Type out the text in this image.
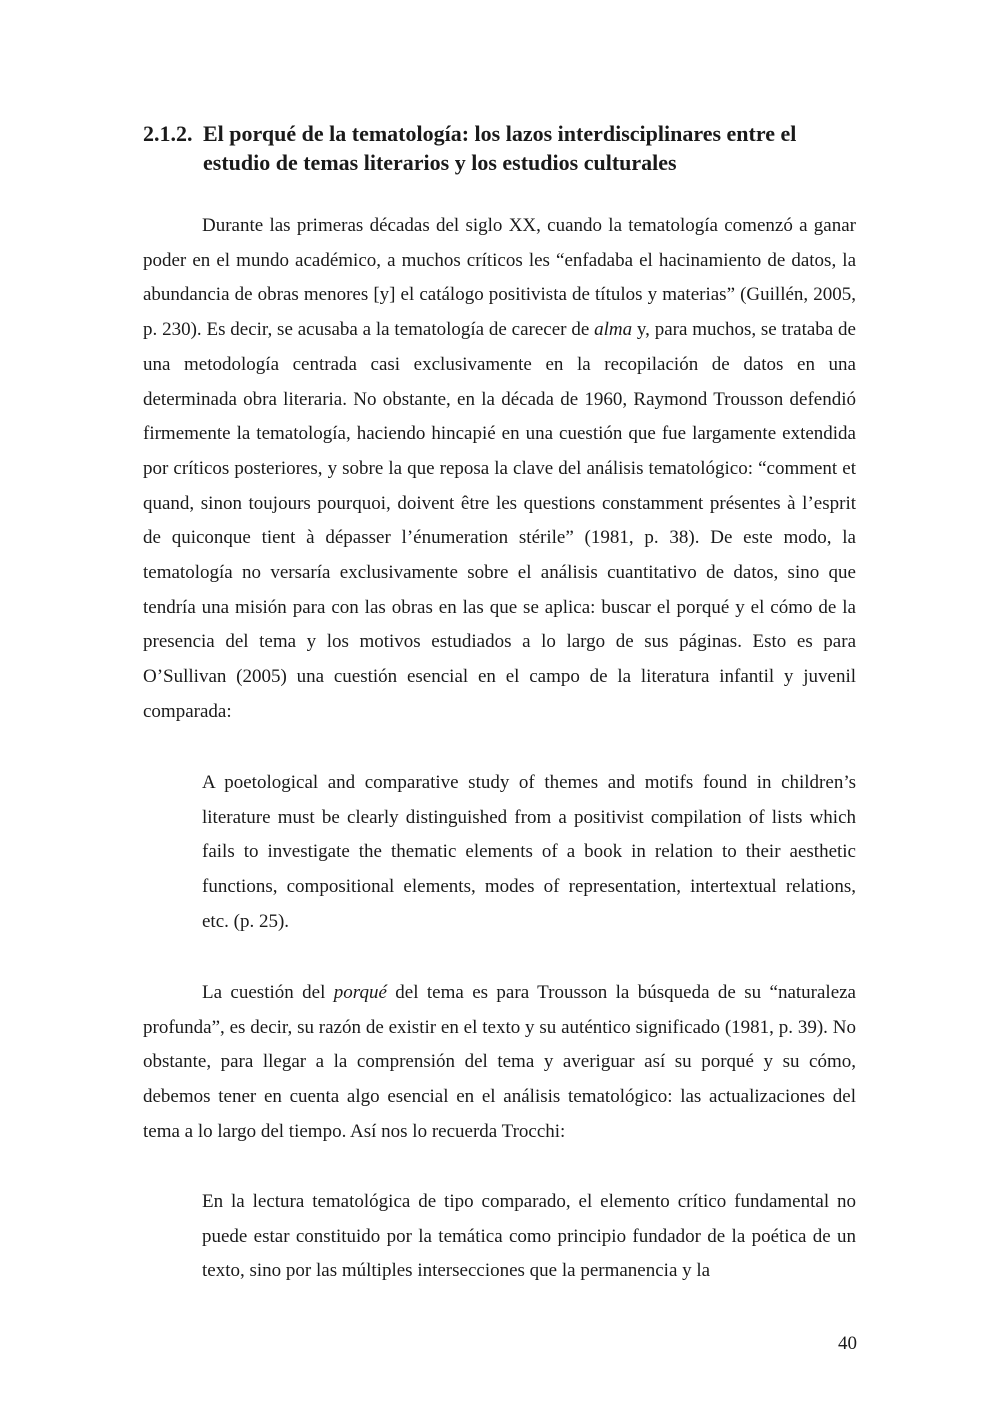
2.1.2. El porqué de la tematología: los lazos interdisciplinares entre el estudio de temas literarios y los estudios culturales

Durante las primeras décadas del siglo XX, cuando la tematología comenzó a ganar poder en el mundo académico, a muchos críticos les “enfadaba el hacinamiento de datos, la abundancia de obras menores [y] el catálogo positivista de títulos y materias” (Guillén, 2005, p. 230). Es decir, se acusaba a la tematología de carecer de alma y, para muchos, se trataba de una metodología centrada casi exclusivamente en la recopilación de datos en una determinada obra literaria. No obstante, en la década de 1960, Raymond Trousson defendió firmemente la tematología, haciendo hincapié en una cuestión que fue largamente extendida por críticos posteriores, y sobre la que reposa la clave del análisis tematológico: “comment et quand, sinon toujours pourquoi, doivent être les questions constamment présentes à l’esprit de quiconque tient à dépasser l’énumeration stérile” (1981, p. 38). De este modo, la tematología no versaría exclusivamente sobre el análisis cuantitativo de datos, sino que tendría una misión para con las obras en las que se aplica: buscar el porqué y el cómo de la presencia del tema y los motivos estudiados a lo largo de sus páginas. Esto es para O’Sullivan (2005) una cuestión esencial en el campo de la literatura infantil y juvenil comparada:

A poetological and comparative study of themes and motifs found in children’s literature must be clearly distinguished from a positivist compilation of lists which fails to investigate the thematic elements of a book in relation to their aesthetic functions, compositional elements, modes of representation, intertextual relations, etc. (p. 25).

La cuestión del porqué del tema es para Trousson la búsqueda de su “naturaleza profunda”, es decir, su razón de existir en el texto y su auténtico significado (1981, p. 39). No obstante, para llegar a la comprensión del tema y averiguar así su porqué y su cómo, debemos tener en cuenta algo esencial en el análisis tematológico: las actualizaciones del tema a lo largo del tiempo. Así nos lo recuerda Trocchi:

En la lectura tematológica de tipo comparado, el elemento crítico fundamental no puede estar constituido por la temática como principio fundador de la poética de un texto, sino por las múltiples intersecciones que la permanencia y la

40
